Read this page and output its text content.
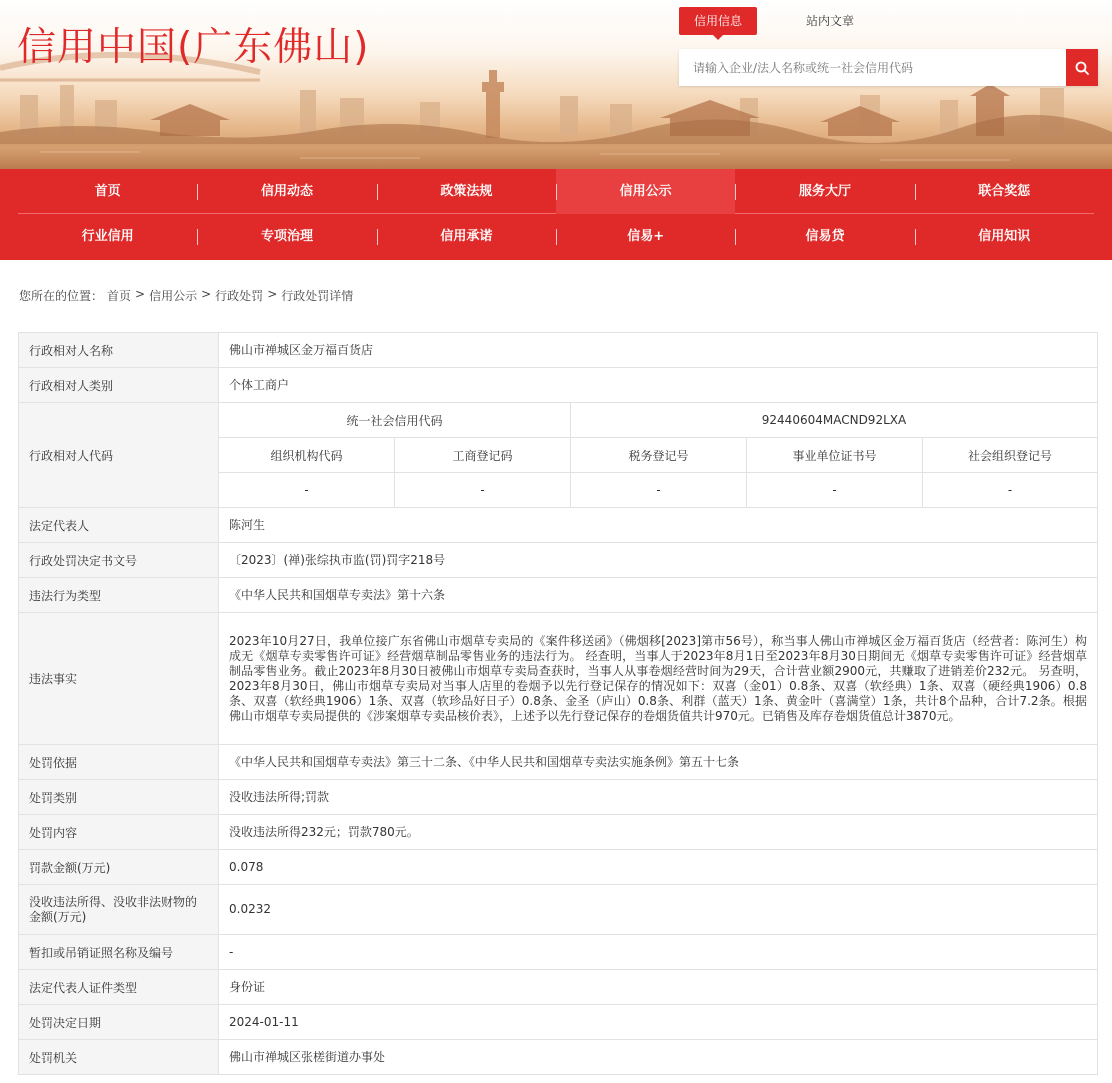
信用中国(广东佛山)
信用信息	站内文章
请输入企业/法人名称或统一社会信用代码
首页	信用动态	政策法规	信用公示	服务大厅	联合奖惩
行业信用	专项治理	信用承诺	信易+	信易贷	信用知识
您所在的位置： 首页 > 信用公示 > 行政处罚 > 行政处罚详情
行政相对人名称	佛山市禅城区金万福百货店				
行政相对人类别	个体工商户				
行政相对人代码	统一社会信用代码		92440604MACND92LXA		
	组织机构代码	工商登记码	税务登记号	事业单位证书号	社会组织登记号
	-	-	-	-	-
法定代表人	陈河生				
行政处罚决定书文号	〔2023〕(禅)张综执市监(罚)罚字218号				
违法行为类型	《中华人民共和国烟草专卖法》第十六条				
违法事实	2023年10月27日，我单位接广东省佛山市烟草专卖局的《案件移送函》（佛烟移[2023]第市56号），称当事人佛山市禅城区金万福百货店（经营者：陈河生）构成无《烟草专卖零售许可证》经营烟草制品零售业务的违法行为。 经查明，当事人于2023年8月1日至2023年8月30日期间无《烟草专卖零售许可证》经营烟草制品零售业务。截止2023年8月30日被佛山市烟草专卖局查获时，当事人从事卷烟经营时间为29天，合计营业额2900元，共赚取了进销差价232元。 另查明，2023年8月30日，佛山市烟草专卖局对当事人店里的卷烟予以先行登记保存的情况如下：双喜（金01）0.8条、双喜（软经典）1条、双喜（硬经典1906）0.8条、双喜（软经典1906）1条、双喜（软珍品好日子）0.8条、金圣（庐山）0.8条、利群（蓝天）1条、黄金叶（喜满堂）1条，共计8个品种，合计7.2条。根据佛山市烟草专卖局提供的《涉案烟草专卖品核价表》，上述予以先行登记保存的卷烟货值共计970元。已销售及库存卷烟货值总计3870元。				
处罚依据	《中华人民共和国烟草专卖法》第三十二条、《中华人民共和国烟草专卖法实施条例》第五十七条				
处罚类别	没收违法所得;罚款				
处罚内容	没收违法所得232元；罚款780元。				
罚款金额(万元)	0.078				
没收违法所得、没收非法财物的金额(万元)	0.0232				
暂扣或吊销证照名称及编号	-				
法定代表人证件类型	身份证				
处罚决定日期	2024-01-11				
处罚机关	佛山市禅城区张槎街道办事处				
